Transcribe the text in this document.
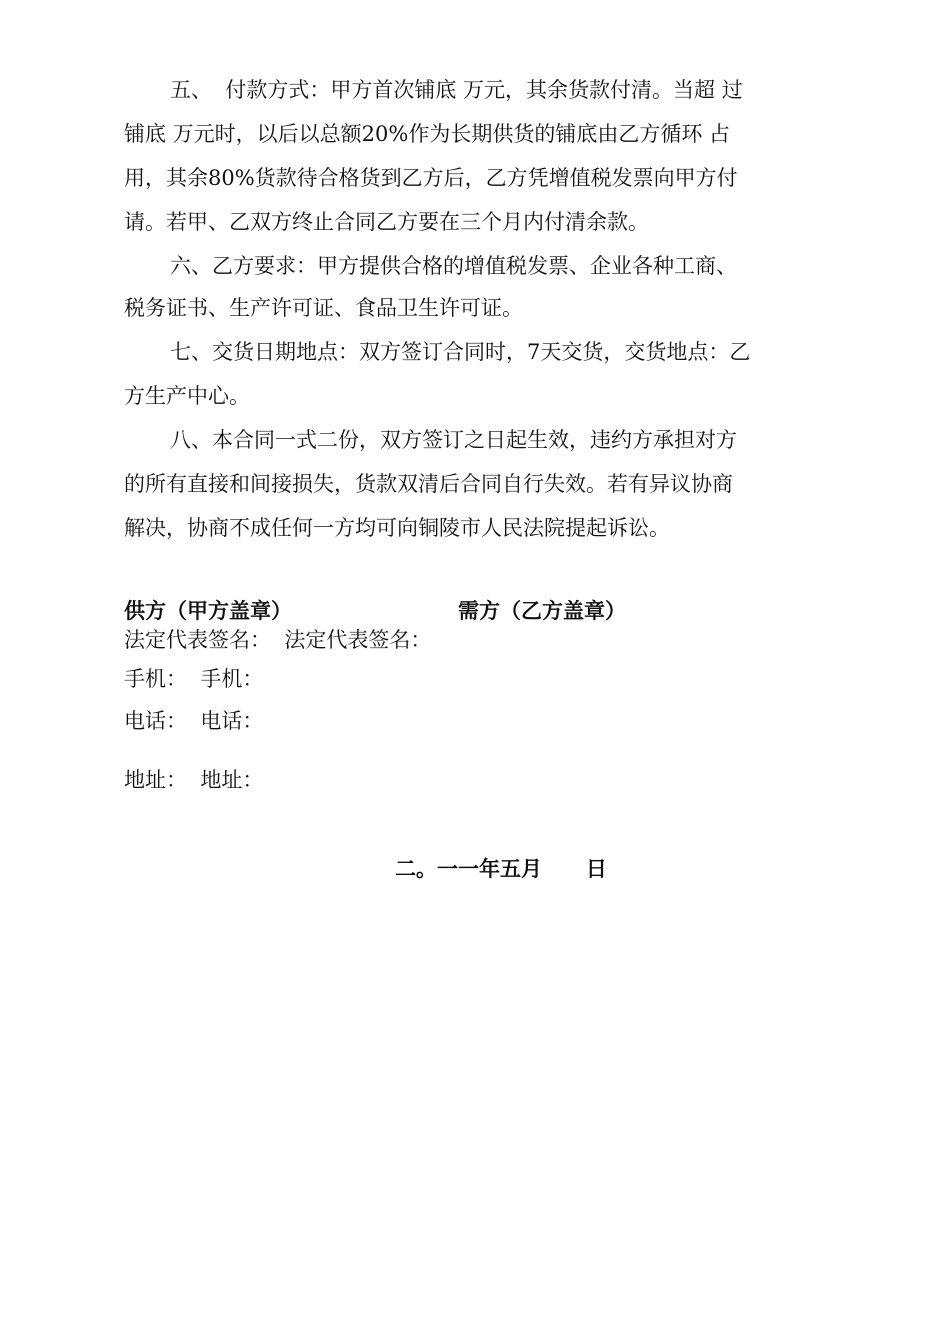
五、  付款方式：甲方首次铺底 万元，其余货款付清。当超 过
铺底 万元时，以后以总额20%作为长期供货的铺底由乙方循环 占
用，其余80%货款待合格货到乙方后，乙方凭增值税发票向甲方付
请。若甲、乙双方终止合同乙方要在三个月内付清余款。
六、乙方要求：甲方提供合格的增值税发票、企业各种工商、
税务证书、生产许可证、食品卫生许可证。
七、交货日期地点：双方签订合同时，7天交货，交货地点：乙
方生产中心。
八、本合同一式二份，双方签订之日起生效，违约方承担对方
的所有直接和间接损失，货款双清后合同自行失效。若有异议协商
解决，协商不成任何一方均可向铜陵市人民法院提起诉讼。
供方（甲方盖章）	需方（乙方盖章）
法定代表签名：  法定代表签名：
手机：  手机：
电话：  电话：
地址：  地址：
二。一一年五月      日
